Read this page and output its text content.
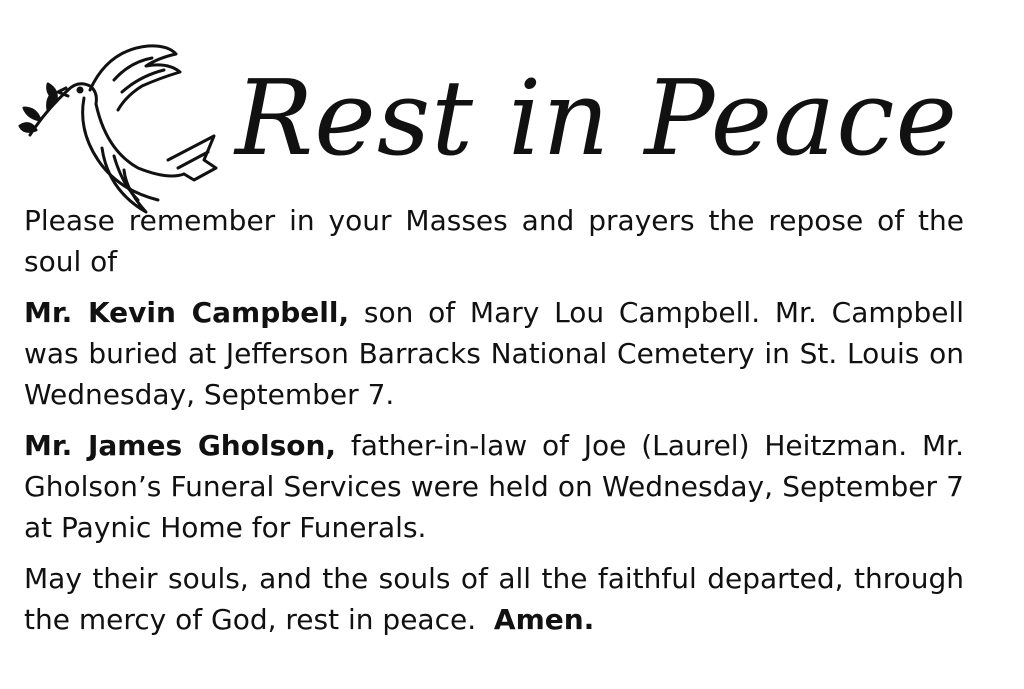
Rest in Peace

Please remember in your Masses and prayers the repose of the soul of

Mr. Kevin Campbell, son of Mary Lou Campbell. Mr. Campbell was buried at Jefferson Barracks National Cemetery in St. Louis on Wednesday, September 7.

Mr. James Gholson, father-in-law of Joe (Laurel) Heitzman. Mr. Gholson’s Funeral Services were held on Wednesday, September 7 at Paynic Home for Funerals.

May their souls, and the souls of all the faithful departed, through the mercy of God, rest in peace.  Amen.
